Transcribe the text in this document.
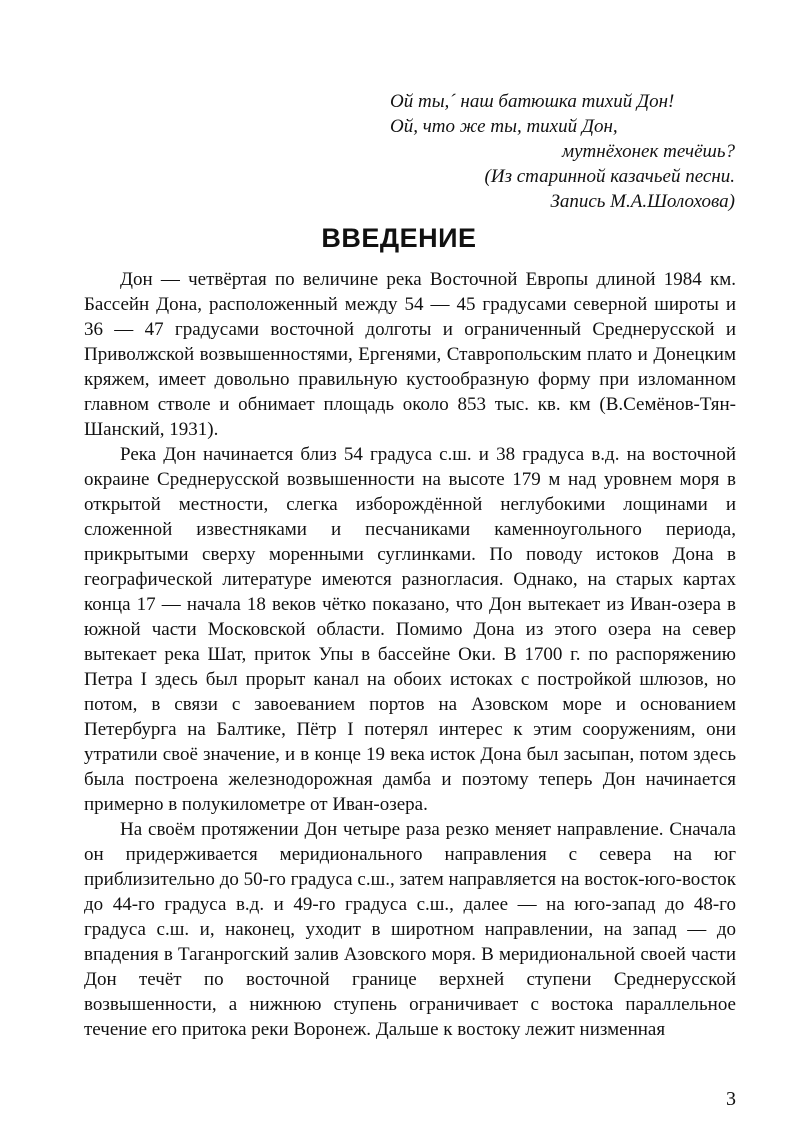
Ой ты,´ наш батюшка тихий Дон!
Ой, что же ты, тихий Дон,
мутнёхонек течёшь?
(Из старинной казачьей песни.
Запись М.А.Шолохова)
ВВЕДЕНИЕ

Дон — четвёртая по величине река Восточной Европы длиной 1984 км. Бассейн Дона, расположенный между 54 — 45 градусами северной широты и 36 — 47 градусами восточной долготы и ограниченный Среднерусской и Приволжской возвышенностями, Ергенями, Ставропольским плато и Донецким кряжем, имеет довольно правильную кустообразную форму при изломанном главном стволе и обнимает площадь около 853 тыс. кв. км (В.Семёнов-Тян-Шанский, 1931).

Река Дон начинается близ 54 градуса с.ш. и 38 градуса в.д. на восточной окраине Среднерусской возвышенности на высоте 179 м над уровнем моря в открытой местности, слегка изборождённой неглубокими лощинами и сложенной известняками и песчаниками каменноугольного периода, прикрытыми сверху моренными суглинками. По поводу истоков Дона в географической литературе имеются разногласия. Однако, на старых картах конца 17 — начала 18 веков чётко показано, что Дон вытекает из Иван-озера в южной части Московской области. Помимо Дона из этого озера на север вытекает река Шат, приток Упы в бассейне Оки. В 1700 г. по распоряжению Петра I здесь был прорыт канал на обоих истоках с постройкой шлюзов, но потом, в связи с завоеванием портов на Азовском море и основанием Петербурга на Балтике, Пётр I потерял интерес к этим сооружениям, они утратили своё значение, и в конце 19 века исток Дона был засыпан, потом здесь была построена железнодорожная дамба и поэтому теперь Дон начинается примерно в полукилометре от Иван-озера.

На своём протяжении Дон четыре раза резко меняет направление. Сначала он придерживается меридионального направления с севера на юг приблизительно до 50-го градуса с.ш., затем направляется на восток-юго-восток до 44-го градуса в.д. и 49-го градуса с.ш., далее — на юго-запад до 48-го градуса с.ш. и, наконец, уходит в широтном направлении, на запад — до впадения в Таганрогский залив Азовского моря. В меридиональной своей части Дон течёт по восточной границе верхней ступени Среднерусской возвышенности, а нижнюю ступень ограничивает с востока параллельное течение его притока реки Воронеж. Дальше к востоку лежит низменная

3
